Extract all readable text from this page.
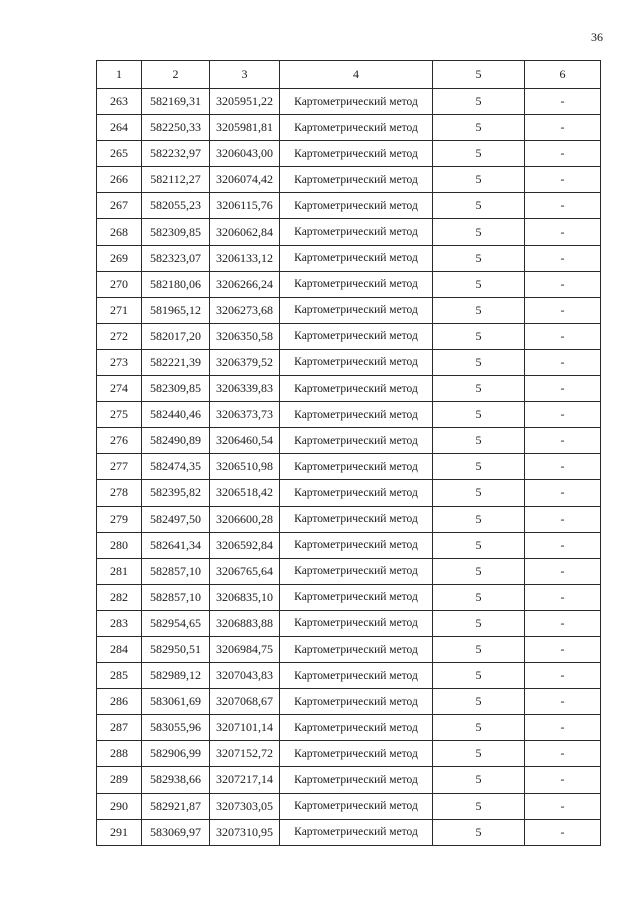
36
1	2	3	4	5	6
263	582169,31	3205951,22	Картометрический метод	5	-
264	582250,33	3205981,81	Картометрический метод	5	-
265	582232,97	3206043,00	Картометрический метод	5	-
266	582112,27	3206074,42	Картометрический метод	5	-
267	582055,23	3206115,76	Картометрический метод	5	-
268	582309,85	3206062,84	Картометрический метод	5	-
269	582323,07	3206133,12	Картометрический метод	5	-
270	582180,06	3206266,24	Картометрический метод	5	-
271	581965,12	3206273,68	Картометрический метод	5	-
272	582017,20	3206350,58	Картометрический метод	5	-
273	582221,39	3206379,52	Картометрический метод	5	-
274	582309,85	3206339,83	Картометрический метод	5	-
275	582440,46	3206373,73	Картометрический метод	5	-
276	582490,89	3206460,54	Картометрический метод	5	-
277	582474,35	3206510,98	Картометрический метод	5	-
278	582395,82	3206518,42	Картометрический метод	5	-
279	582497,50	3206600,28	Картометрический метод	5	-
280	582641,34	3206592,84	Картометрический метод	5	-
281	582857,10	3206765,64	Картометрический метод	5	-
282	582857,10	3206835,10	Картометрический метод	5	-
283	582954,65	3206883,88	Картометрический метод	5	-
284	582950,51	3206984,75	Картометрический метод	5	-
285	582989,12	3207043,83	Картометрический метод	5	-
286	583061,69	3207068,67	Картометрический метод	5	-
287	583055,96	3207101,14	Картометрический метод	5	-
288	582906,99	3207152,72	Картометрический метод	5	-
289	582938,66	3207217,14	Картометрический метод	5	-
290	582921,87	3207303,05	Картометрический метод	5	-
291	583069,97	3207310,95	Картометрический метод	5	-
